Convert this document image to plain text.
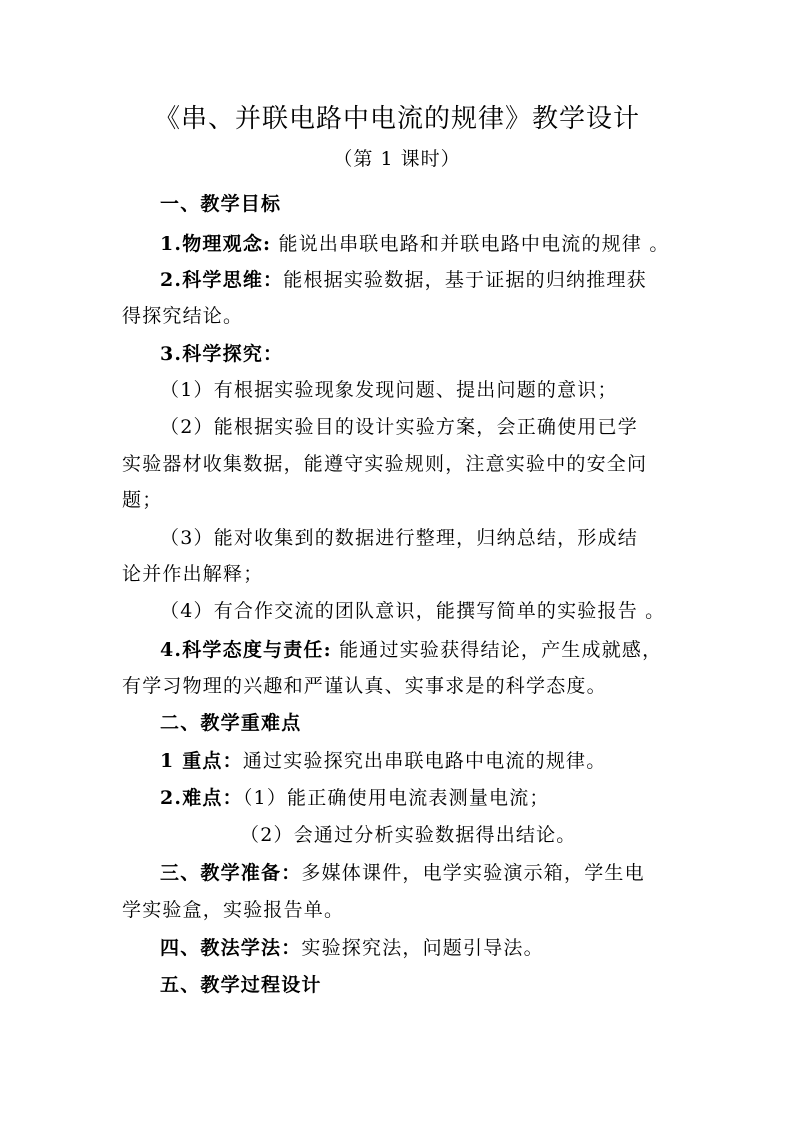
《串、并联电路中电流的规律》教学设计
（第 1 课时）
一、教学目标
1.物理观念: 能说出串联电路和并联电路中电流的规律 。
2.科学思维：能根据实验数据，基于证据的归纳推理获
得探究结论。
3.科学探究：
（1）有根据实验现象发现问题、提出问题的意识；
（2）能根据实验目的设计实验方案，会正确使用已学
实验器材收集数据，能遵守实验规则，注意实验中的安全问
题；
（3）能对收集到的数据进行整理，归纳总结，形成结
论并作出解释；
（4）有合作交流的团队意识，能撰写简单的实验报告 。
4.科学态度与责任: 能通过实验获得结论，产生成就感，
有学习物理的兴趣和严谨认真、实事求是的科学态度。
二、教学重难点
1 重点：通过实验探究出串联电路中电流的规律。
2.难点：（1）能正确使用电流表测量电流；
（2）会通过分析实验数据得出结论。
三、教学准备：多媒体课件，电学实验演示箱，学生电
学实验盒，实验报告单。
四、教法学法：实验探究法，问题引导法。
五、教学过程设计
